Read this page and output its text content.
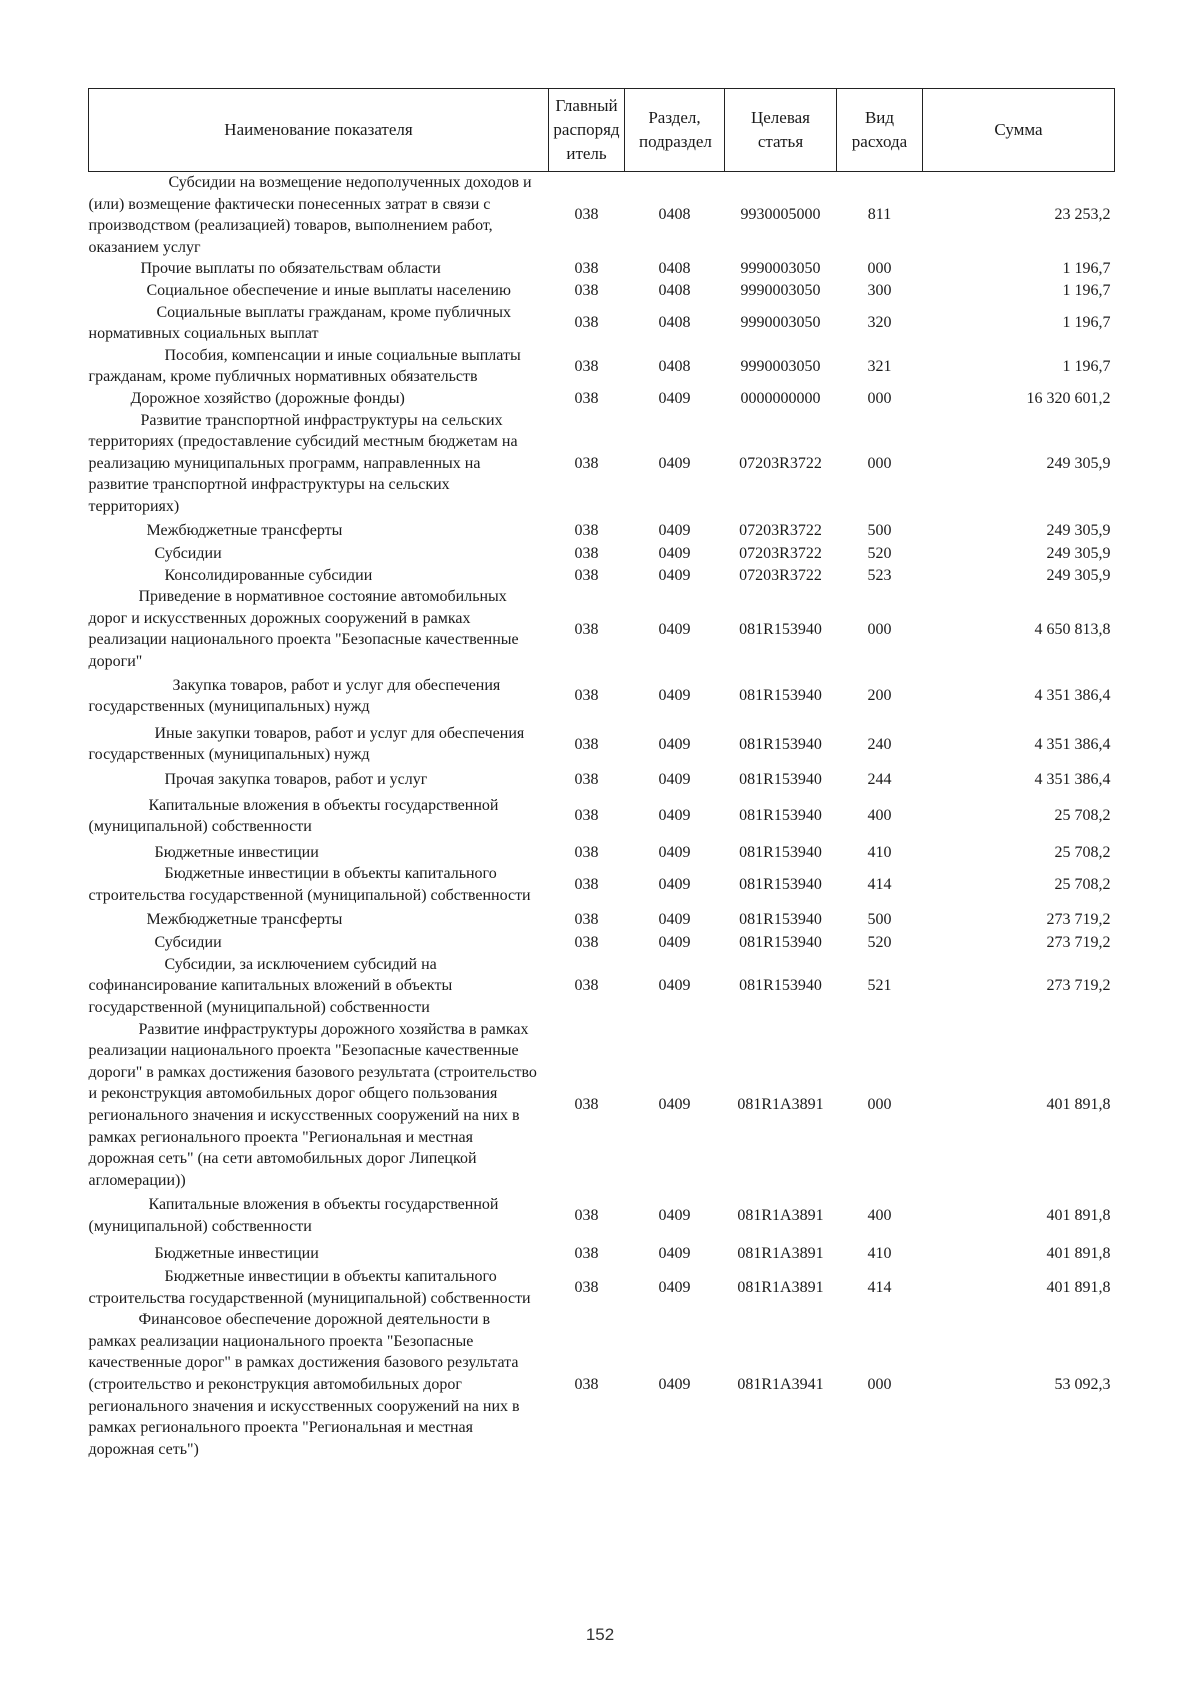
Наименование показателя	Главный распорядитель	Раздел, подраздел	Целевая статья	Вид расхода	Сумма
Субсидии на возмещение недополученных доходов и (или) возмещение фактически понесенных затрат в связи с производством (реализацией) товаров, выполнением работ, оказанием услуг	038	0408	9930005000	811	23 253,2
Прочие выплаты по обязательствам области	038	0408	9990003050	000	1 196,7
Социальное обеспечение и иные выплаты населению	038	0408	9990003050	300	1 196,7
Социальные выплаты гражданам, кроме публичных нормативных социальных выплат	038	0408	9990003050	320	1 196,7
Пособия, компенсации и иные социальные выплаты гражданам, кроме публичных нормативных обязательств	038	0408	9990003050	321	1 196,7
Дорожное хозяйство (дорожные фонды)	038	0409	0000000000	000	16 320 601,2
Развитие транспортной инфраструктуры на сельских территориях (предоставление субсидий местным бюджетам на реализацию муниципальных программ, направленных на развитие транспортной инфраструктуры на сельских территориях)	038	0409	07203R3722	000	249 305,9
Межбюджетные трансферты	038	0409	07203R3722	500	249 305,9
Субсидии	038	0409	07203R3722	520	249 305,9
Консолидированные субсидии	038	0409	07203R3722	523	249 305,9
Приведение в нормативное состояние автомобильных дорог и искусственных дорожных сооружений в рамках реализации национального проекта "Безопасные качественные дороги"	038	0409	081R153940	000	4 650 813,8
Закупка товаров, работ и услуг для обеспечения государственных (муниципальных) нужд	038	0409	081R153940	200	4 351 386,4
Иные закупки товаров, работ и услуг для обеспечения государственных (муниципальных) нужд	038	0409	081R153940	240	4 351 386,4
Прочая закупка товаров, работ и услуг	038	0409	081R153940	244	4 351 386,4
Капитальные вложения в объекты государственной (муниципальной) собственности	038	0409	081R153940	400	25 708,2
Бюджетные инвестиции	038	0409	081R153940	410	25 708,2
Бюджетные инвестиции в объекты капитального строительства государственной (муниципальной) собственности	038	0409	081R153940	414	25 708,2
Межбюджетные трансферты	038	0409	081R153940	500	273 719,2
Субсидии	038	0409	081R153940	520	273 719,2
Субсидии, за исключением субсидий на софинансирование капитальных вложений в объекты государственной (муниципальной) собственности	038	0409	081R153940	521	273 719,2
Развитие инфраструктуры дорожного хозяйства в рамках реализации национального проекта "Безопасные качественные дороги" в рамках достижения базового результата (строительство и реконструкция автомобильных дорог общего пользования регионального значения и искусственных сооружений на них в рамках регионального проекта "Региональная и местная дорожная сеть" (на сети автомобильных дорог Липецкой агломерации))	038	0409	081R1A3891	000	401 891,8
Капитальные вложения в объекты государственной (муниципальной) собственности	038	0409	081R1A3891	400	401 891,8
Бюджетные инвестиции	038	0409	081R1A3891	410	401 891,8
Бюджетные инвестиции в объекты капитального строительства государственной (муниципальной) собственности	038	0409	081R1A3891	414	401 891,8
Финансовое обеспечение дорожной деятельности в рамках реализации национального проекта "Безопасные качественные дорог" в рамках достижения базового результата (строительство и реконструкция автомобильных дорог регионального значения и искусственных сооружений на них в рамках регионального проекта "Региональная и местная дорожная сеть")	038	0409	081R1A3941	000	53 092,3
152
